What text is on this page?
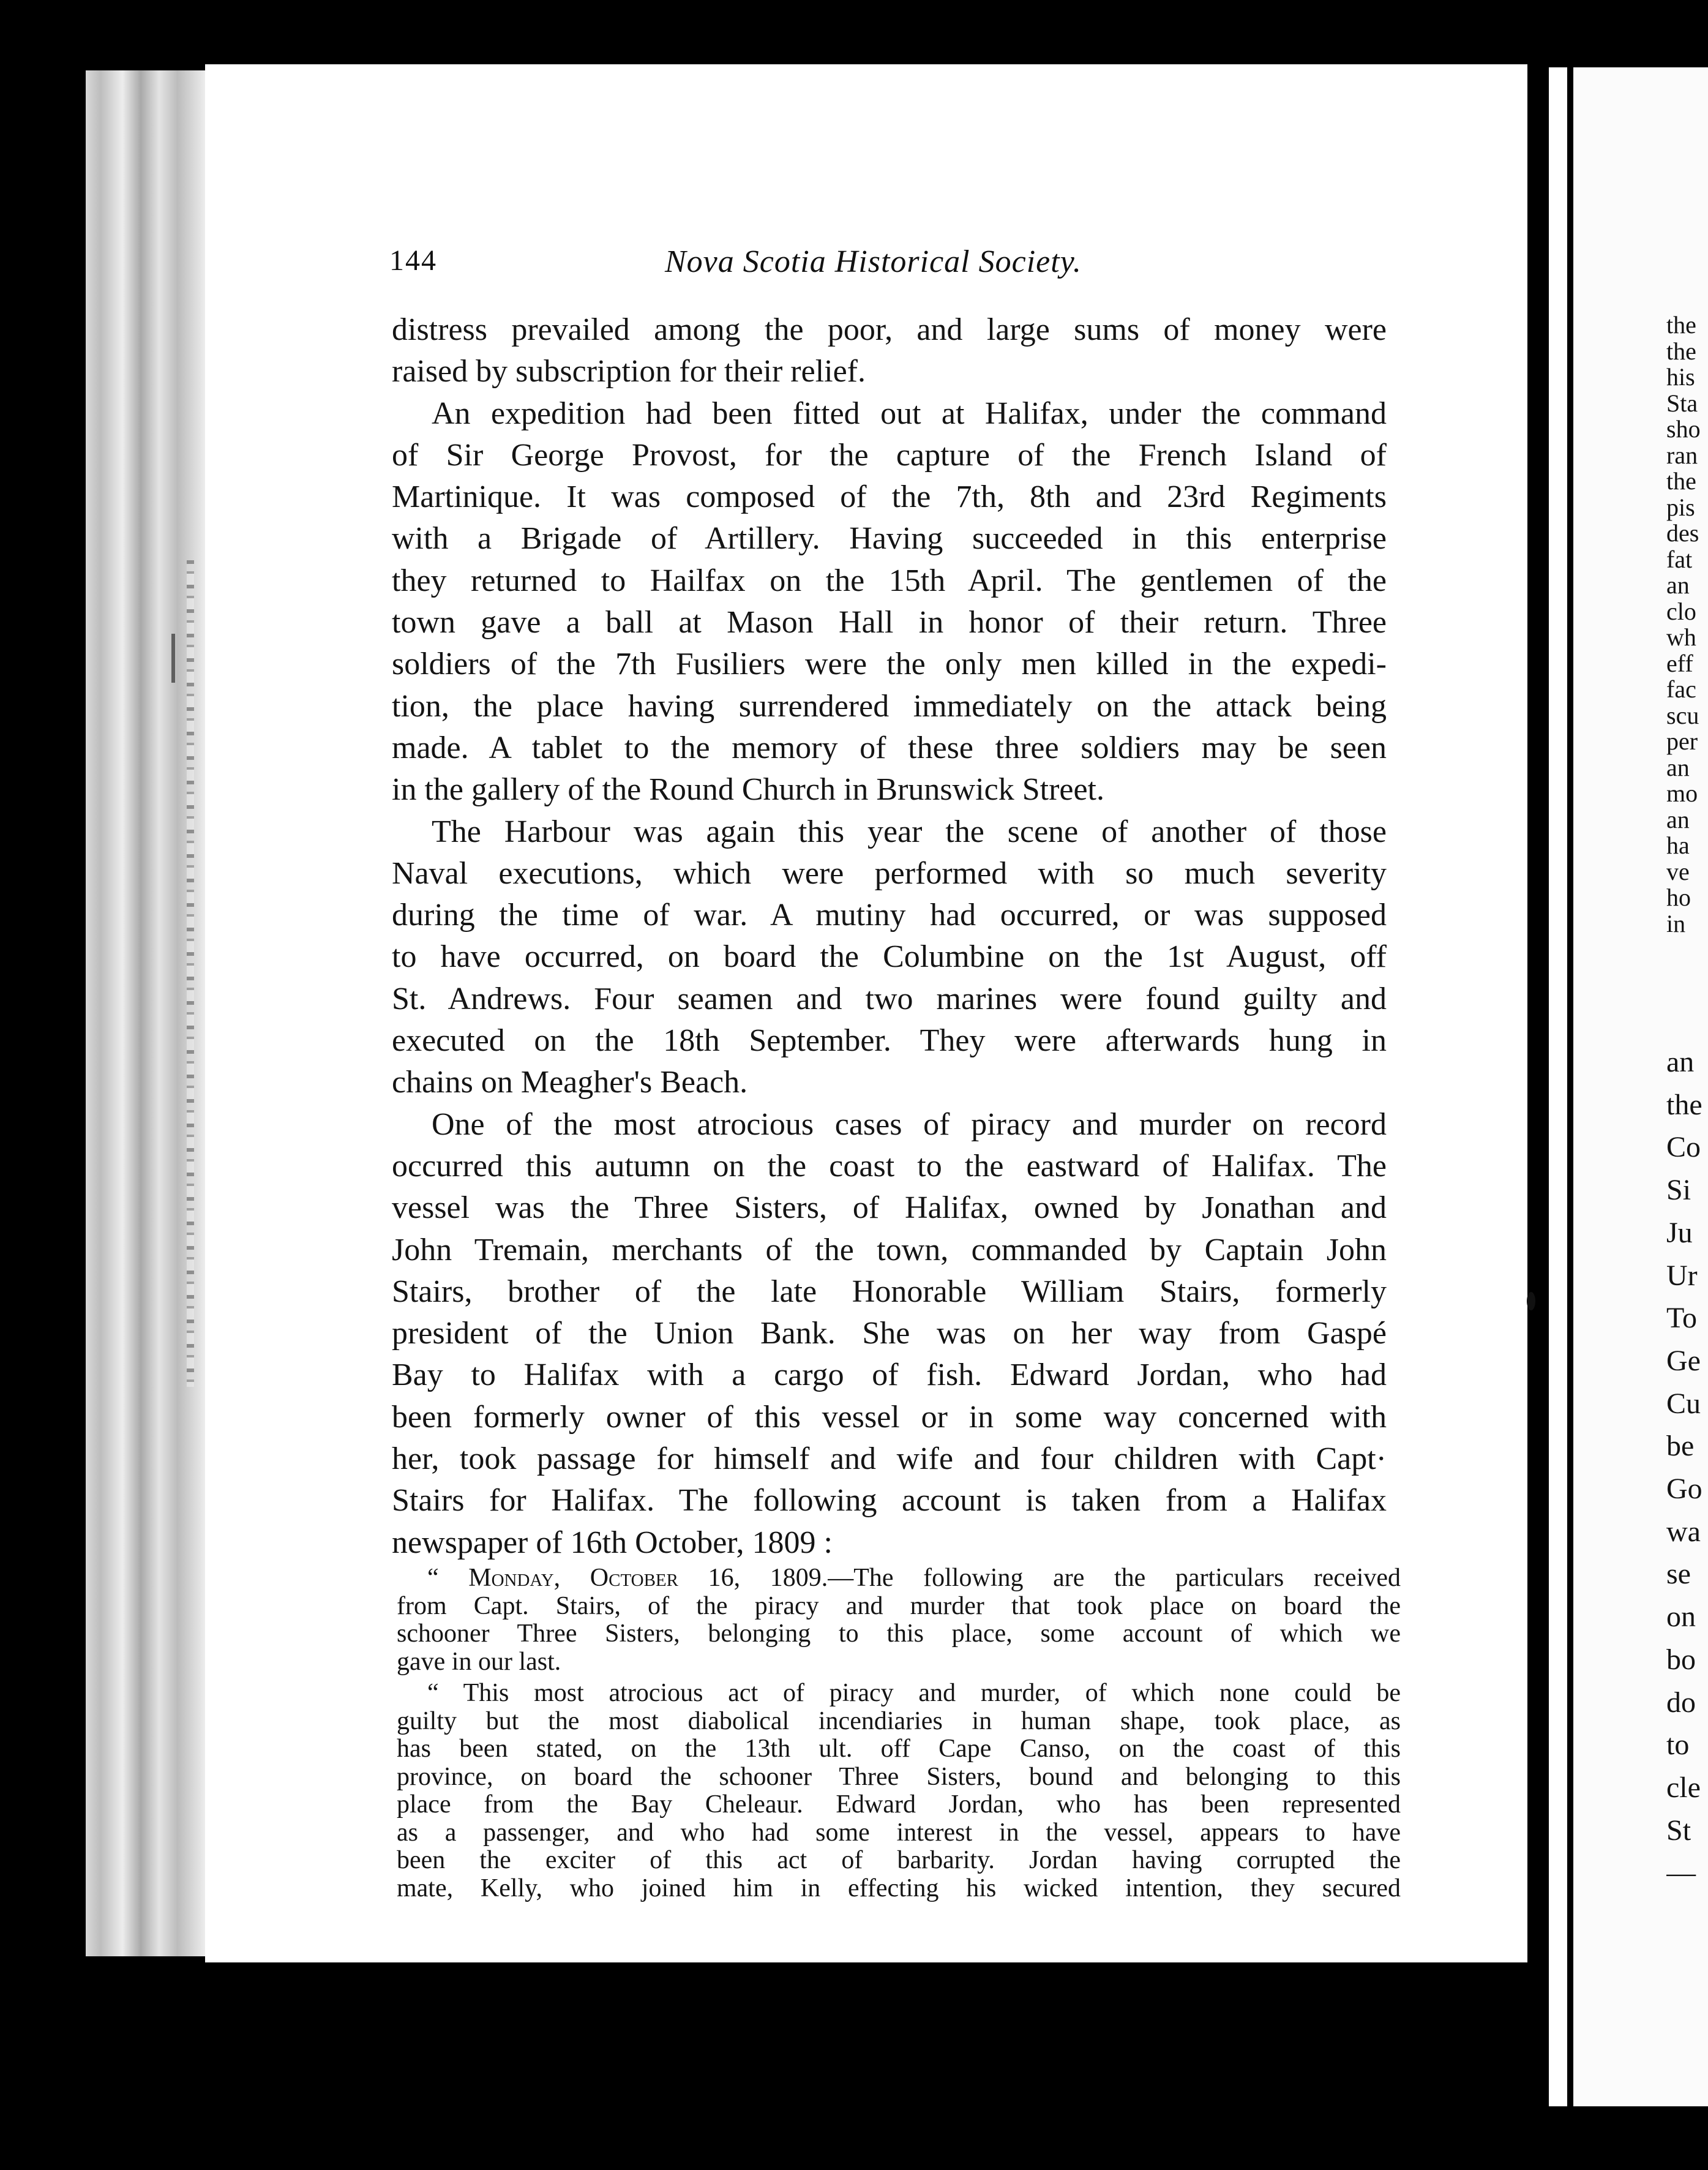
144	Nova Scotia Historical Society.
distress prevailed among the poor, and large sums of money were
raised by subscription for their relief.
An expedition had been fitted out at Halifax, under the command
of Sir George Provost, for the capture of the French Island of
Martinique. It was composed of the 7th, 8th and 23rd Regiments
with a Brigade of Artillery. Having succeeded in this enterprise
they returned to Hailfax on the 15th April. The gentlemen of the
town gave a ball at Mason Hall in honor of their return. Three
soldiers of the 7th Fusiliers were the only men killed in the expedi-
tion, the place having surrendered immediately on the attack being
made. A tablet to the memory of these three soldiers may be seen
in the gallery of the Round Church in Brunswick Street.
The Harbour was again this year the scene of another of those
Naval executions, which were performed with so much severity
during the time of war. A mutiny had occurred, or was supposed
to have occurred, on board the Columbine on the 1st August, off
St. Andrews. Four seamen and two marines were found guilty and
executed on the 18th September. They were afterwards hung in
chains on Meagher's Beach.
One of the most atrocious cases of piracy and murder on record
occurred this autumn on the coast to the eastward of Halifax. The
vessel was the Three Sisters, of Halifax, owned by Jonathan and
John Tremain, merchants of the town, commanded by Captain John
Stairs, brother of the late Honorable William Stairs, formerly
president of the Union Bank. She was on her way from Gaspé
Bay to Halifax with a cargo of fish. Edward Jordan, who had
been formerly owner of this vessel or in some way concerned with
her, took passage for himself and wife and four children with Capt·
Stairs for Halifax. The following account is taken from a Halifax
newspaper of 16th October, 1809 :
“ Monday, October 16, 1809.—The following are the particulars received
from Capt. Stairs, of the piracy and murder that took place on board the
schooner Three Sisters, belonging to this place, some account of which we
gave in our last.
“ This most atrocious act of piracy and murder, of which none could be
guilty but the most diabolical incendiaries in human shape, took place, as
has been stated, on the 13th ult. off Cape Canso, on the coast of this
province, on board the schooner Three Sisters, bound and belonging to this
place from the Bay Cheleaur. Edward Jordan, who has been represented
as a passenger, and who had some interest in the vessel, appears to have
been the exciter of this act of barbarity. Jordan having corrupted the
mate, Kelly, who joined him in effecting his wicked intention, they secured
the
the
his
Sta
sho
ran
the
pis
des
fat
an
clo
wh
eff
fac
scu
per
an
mo
an
ha
ve
ho
in
an
the
Co
Si
Ju
Ur
To
Ge
Cu
be
Go
wa
se
on
bo
do
to
cle
St
—
